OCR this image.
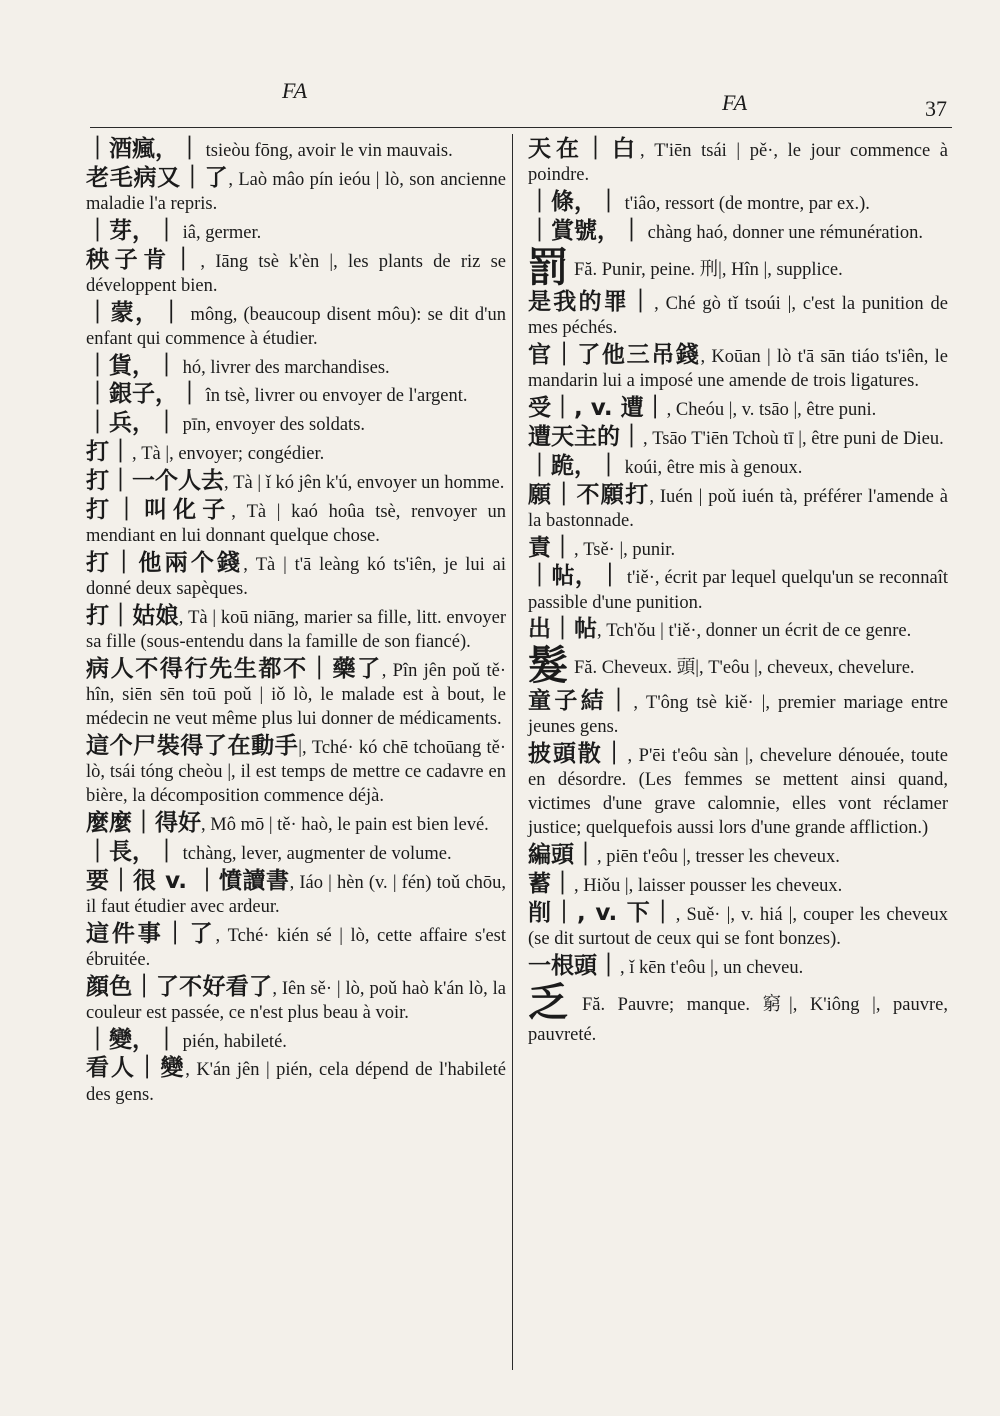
FA	FA	37

｜酒瘋，｜ tsieòu fōng, avoir le vin mauvais.

老毛病又｜了, Laò mâo pín ieóu | lò, son ancienne maladie l'a repris.

｜芽，｜ iâ, germer.

秧子肯｜, Iāng tsè k'èn |, les plants de riz se développent bien.

｜蒙，｜ mông, (beaucoup disent môu): se dit d'un enfant qui commence à étudier.

｜貨，｜ hó, livrer des marchandises.

｜銀子，｜ în tsè, livrer ou envoyer de l'argent.

｜兵，｜ pīn, envoyer des soldats.

打｜, Tà |, envoyer; congédier.

打｜一个人去, Tà | ǐ kó jên k'ú, envoyer un homme.

打｜叫化子, Tà | kaó hoûa tsè, renvoyer un mendiant en lui donnant quelque chose.

打｜他兩个錢, Tà | t'ā leàng kó ts'iên, je lui ai donné deux sapèques.

打｜姑娘, Tà | koū niāng, marier sa fille, litt. envoyer sa fille (sous-entendu dans la famille de son fiancé).

病人不得行先生都不｜藥了, Pîn jên poǔ tě· hîn, siēn sēn toū poǔ | iǒ lò, le malade est à bout, le médecin ne veut même plus lui donner de médicaments.

這个尸裝得了在動手|, Tché· kó chē tchoūang tě· lò, tsái tóng cheòu |, il est temps de mettre ce cadavre en bière, la décomposition commence déjà.

麼麼｜得好, Mô mō | tě· haò, le pain est bien levé.

｜長，｜ tchàng, lever, augmenter de volume.

要｜很 v. ｜憤讀書, Iáo | hèn (v. | fén) toǔ chōu, il faut étudier avec ardeur.

這件事｜了, Tché· kién sé | lò, cette affaire s'est ébruitée.

顔色｜了不好看了, Iên sě· | lò, poǔ haò k'án lò, la couleur est passée, ce n'est plus beau à voir.

｜變，｜ pién, habileté.

看人｜變, K'án jên | pién, cela dépend de l'habileté des gens.

天在｜白, T'iēn tsái | pě·, le jour commence à poindre.

｜條，｜ t'iâo, ressort (de montre, par ex.).

｜賞號，｜ chàng haó, donner une rémunération.

罰 Fă. Punir, peine. 刑|, Hîn |, supplice.

是我的罪｜, Ché gò tǐ tsoúi |, c'est la punition de mes péchés.

官｜了他三吊錢, Koūan | lò t'ā sān tiáo ts'iên, le mandarin lui a imposé une amende de trois ligatures.

受｜, v. 遭｜, Cheóu |, v. tsāo |, être puni.

遭天主的｜, Tsāo T'iēn Tchoù tī |, être puni de Dieu.

｜跪，｜ koúi, être mis à genoux.

願｜不願打, Iuén | poǔ iuén tà, préférer l'amende à la bastonnade.

責｜, Tsě· |, punir.

｜帖，｜ t'iě·, écrit par lequel quelqu'un se reconnaît passible d'une punition.

出｜帖, Tch'ǒu | t'iě·, donner un écrit de ce genre.

髮 Fă. Cheveux. 頭|, T'eôu |, cheveux, chevelure.

童子結｜, T'ông tsè kiě· |, premier mariage entre jeunes gens.

披頭散｜, P'ēi t'eôu sàn |, chevelure dénouée, toute en désordre. (Les femmes se mettent ainsi quand, victimes d'une grave calomnie, elles vont réclamer justice; quelquefois aussi lors d'une grande affliction.)

編頭｜, piēn t'eôu |, tresser les cheveux.

蓄｜, Hiǒu |, laisser pousser les cheveux.

削｜, v. 下｜, Suě· |, v. hiá |, couper les cheveux (se dit surtout de ceux qui se font bonzes).

一根頭｜, ǐ kēn t'eôu |, un cheveu.

乏 Fă. Pauvre; manque. 窮|, K'iông |, pauvre, pauvreté.
